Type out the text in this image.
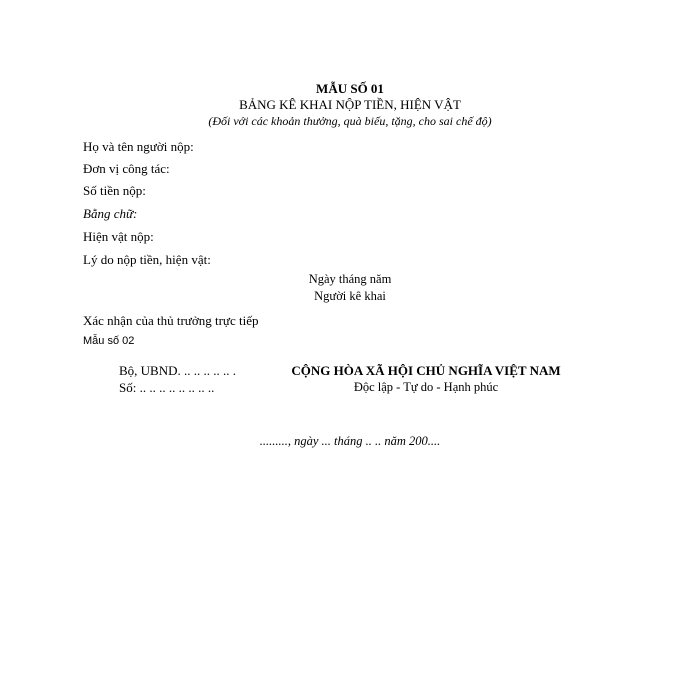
MẪU SỐ 01
BẢNG KÊ KHAI NỘP TIỀN, HIỆN VẬT
(Đối với các khoản thưởng, quà biếu, tặng, cho sai chế độ)
Họ và tên người nộp:
Đơn vị công tác:
Số tiền nộp:
Bằng chữ:
Hiện vật nộp:
Lý do nộp tiền, hiện vật:
Ngày tháng năm
Người kê khai
Xác nhận của thủ trưởng trực tiếp
Mẫu số 02
Bộ, UBND. .. .. .. .. .. .
Số: .. .. .. .. .. .. .. ..
CỘNG HÒA XÃ HỘI CHỦ NGHĨA VIỆT NAM
Độc lập - Tự do - Hạnh phúc
........., ngày ... tháng .. .. năm 200....
